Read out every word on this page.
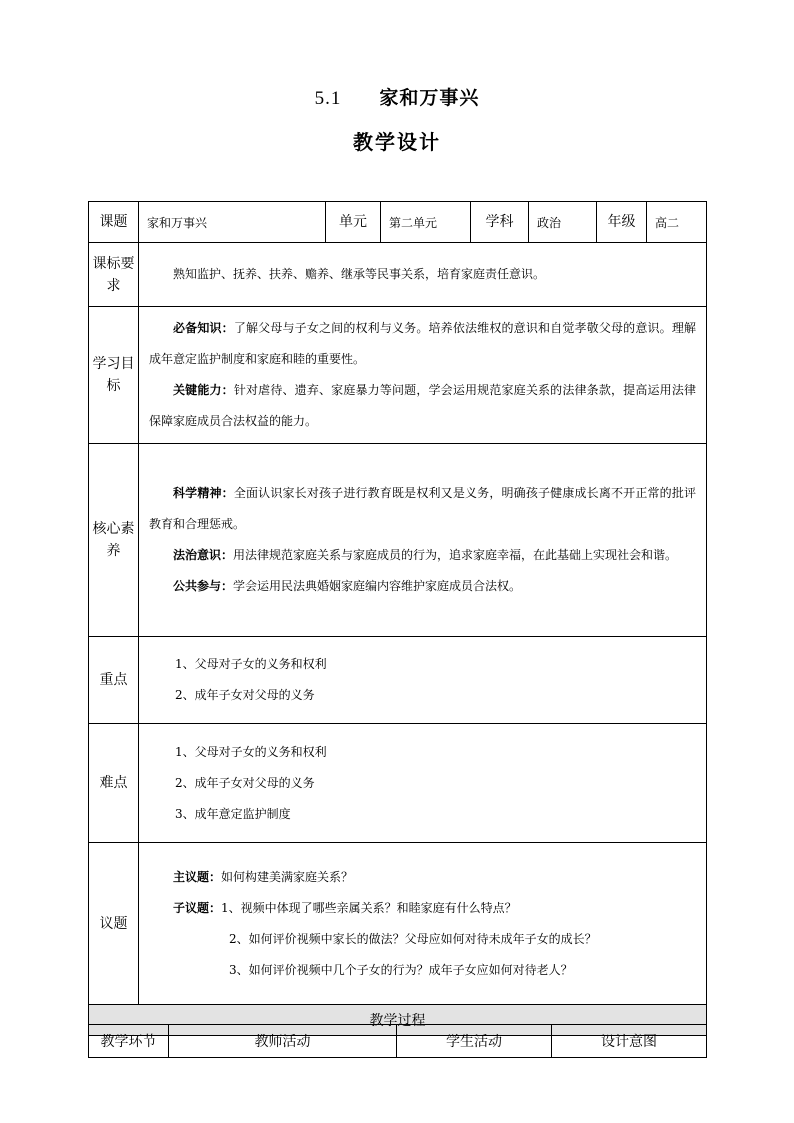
5.1 家和万事兴
教学设计
课题	家和万事兴	单元	第二单元	学科	政治	年级	高二
课标要求	熟知监护、抚养、扶养、赡养、继承等民事关系，培育家庭责任意识。						
学习目标	必备知识：了解父母与子女之间的权利与义务。培养依法维权的意识和自觉孝敬父母的意识。理解成年意定监护制度和家庭和睦的重要性。
关键能力：针对虐待、遗弃、家庭暴力等问题，学会运用规范家庭关系的法律条款，提高运用法律保障家庭成员合法权益的能力。						

核心素养	科学精神：全面认识家长对孩子进行教育既是权利又是义务，明确孩子健康成长离不开正常的批评教育和合理惩戒。
法治意识：用法律规范家庭关系与家庭成员的行为，追求家庭幸福，在此基础上实现社会和谐。
公共参与：学会运用民法典婚姻家庭编内容维护家庭成员合法权。						

重点	1、父母对子女的义务和权利
2、成年子女对父母的义务						

难点	1、父母对子女的义务和权利
2、成年子女对父母的义务
3、成年意定监护制度						

议题	主议题：如何构建美满家庭关系？
子议题：1、视频中体现了哪些亲属关系？和睦家庭有什么特点？
2、如何评价视频中家长的做法？父母应如何对待未成年子女的成长？
3、如何评价视频中几个子女的行为？成年子女应如何对待老人？						

教学过程							
教学环节	教师活动	学生活动	设计意图
